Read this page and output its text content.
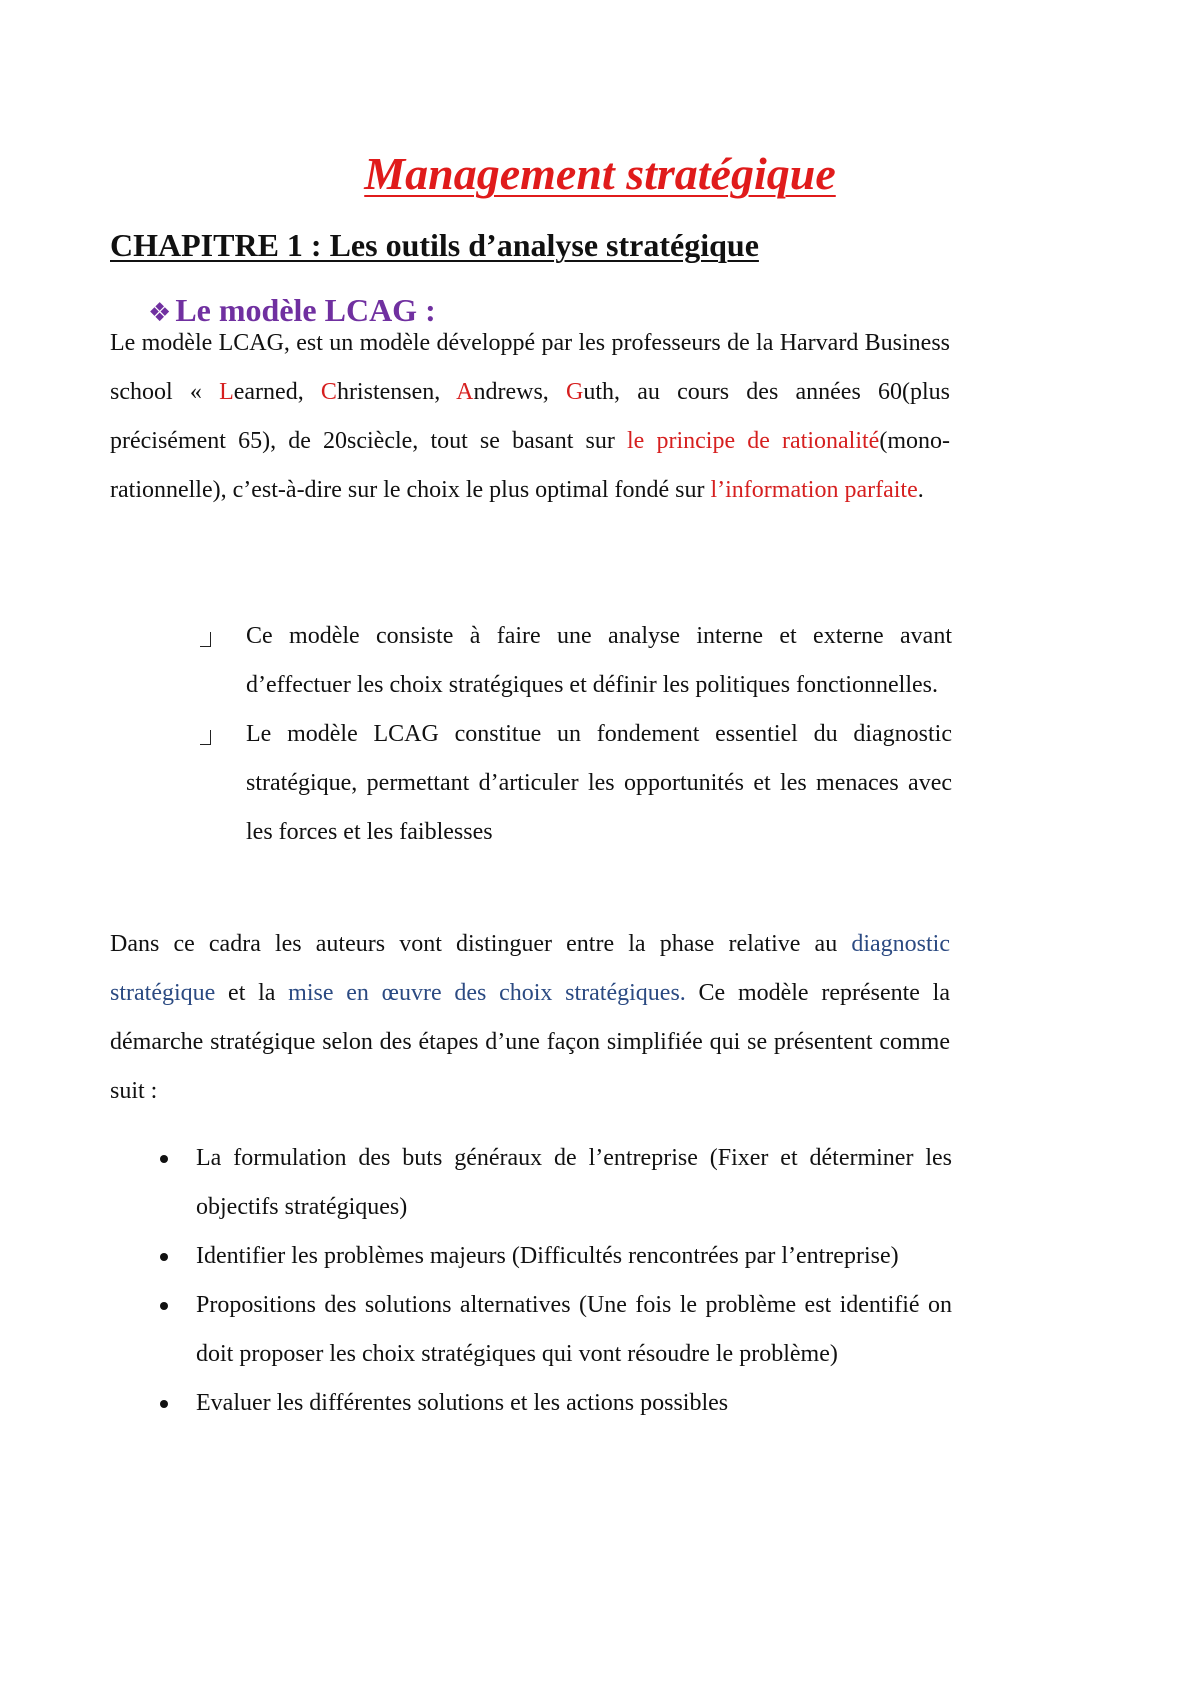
Management stratégique
CHAPITRE 1 : Les outils d’analyse stratégique
❖ Le modèle LCAG :

Le modèle LCAG, est un modèle développé par les professeurs de la Harvard Business school « Learned, Christensen, Andrews, Guth, au cours des années 60(plus précisément 65), de 20sciècle, tout se basant sur le principe de rationalité(mono-rationnelle), c’est-à-dire sur le choix le plus optimal fondé sur l’information parfaite.

Ce modèle consiste à faire une analyse interne et externe avant d’effectuer les choix stratégiques et définir les politiques fonctionnelles.
Le modèle LCAG constitue un fondement essentiel du diagnostic stratégique, permettant d’articuler les opportunités et les menaces avec les forces et les faiblesses

Dans ce cadra les auteurs vont distinguer entre la phase relative au diagnostic stratégique et la mise en œuvre des choix stratégiques. Ce modèle représente la démarche stratégique selon des étapes d’une façon simplifiée qui se présentent comme suit :

La formulation des buts généraux de l’entreprise (Fixer et déterminer les objectifs stratégiques)
Identifier les problèmes majeurs (Difficultés rencontrées par l’entreprise)
Propositions des solutions alternatives (Une fois le problème est identifié on doit proposer les choix stratégiques qui vont résoudre le problème)
Evaluer les différentes solutions et les actions possibles
